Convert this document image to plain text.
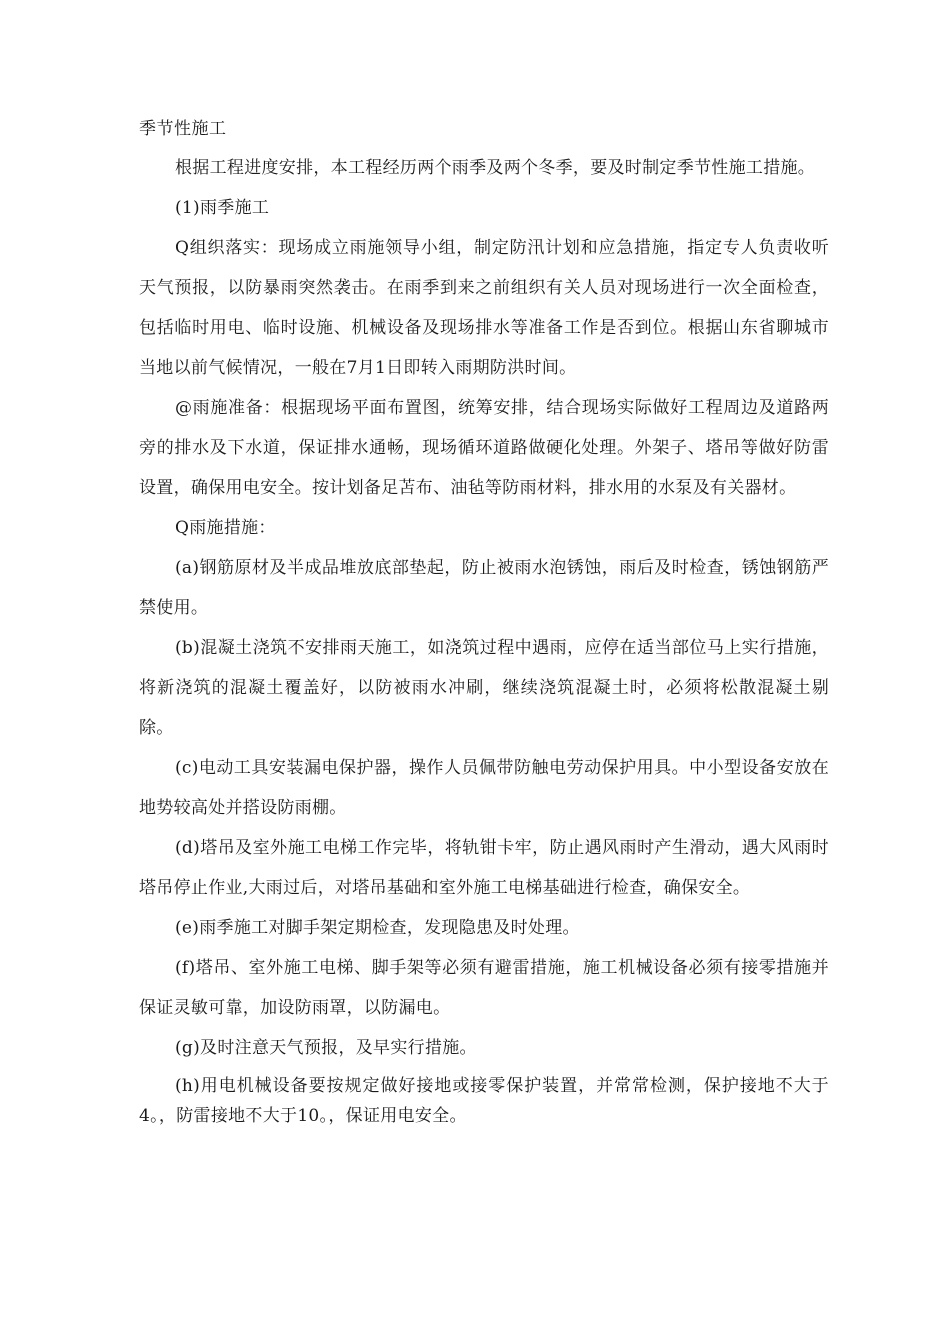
季节性施工

根据工程进度安排，本工程经历两个雨季及两个冬季，要及时制定季节性施工措施。

(1)雨季施工

Q组织落实：现场成立雨施领导小组，制定防汛计划和应急措施，指定专人负责收听天气预报，以防暴雨突然袭击。在雨季到来之前组织有关人员对现场进行一次全面检查，包括临时用电、临时设施、机械设备及现场排水等准备工作是否到位。根据山东省聊城市当地以前气候情况，一般在7月1日即转入雨期防洪时间。

@雨施准备：根据现场平面布置图，统筹安排，结合现场实际做好工程周边及道路两旁的排水及下水道，保证排水通畅，现场循环道路做硬化处理。外架子、塔吊等做好防雷设置，确保用电安全。按计划备足苫布、油毡等防雨材料，排水用的水泵及有关器材。

Q雨施措施：

(a)钢筋原材及半成品堆放底部垫起，防止被雨水泡锈蚀，雨后及时检查，锈蚀钢筋严禁使用。

(b)混凝土浇筑不安排雨天施工，如浇筑过程中遇雨，应停在适当部位马上实行措施，将新浇筑的混凝土覆盖好，以防被雨水冲刷，继续浇筑混凝土时，必须将松散混凝土剔除。

(c)电动工具安装漏电保护器，操作人员佩带防触电劳动保护用具。中小型设备安放在地势较高处并搭设防雨棚。

(d)塔吊及室外施工电梯工作完毕，将轨钳卡牢，防止遇风雨时产生滑动，遇大风雨时塔吊停止作业,大雨过后，对塔吊基础和室外施工电梯基础进行检查，确保安全。

(e)雨季施工对脚手架定期检查，发现隐患及时处理。

(f)塔吊、室外施工电梯、脚手架等必须有避雷措施，施工机械设备必须有接零措施并保证灵敏可靠，加设防雨罩，以防漏电。

(g)及时注意天气预报，及早实行措施。

(h)用电机械设备要按规定做好接地或接零保护装置，并常常检测，保护接地不大于4。，防雷接地不大于10。，保证用电安全。
